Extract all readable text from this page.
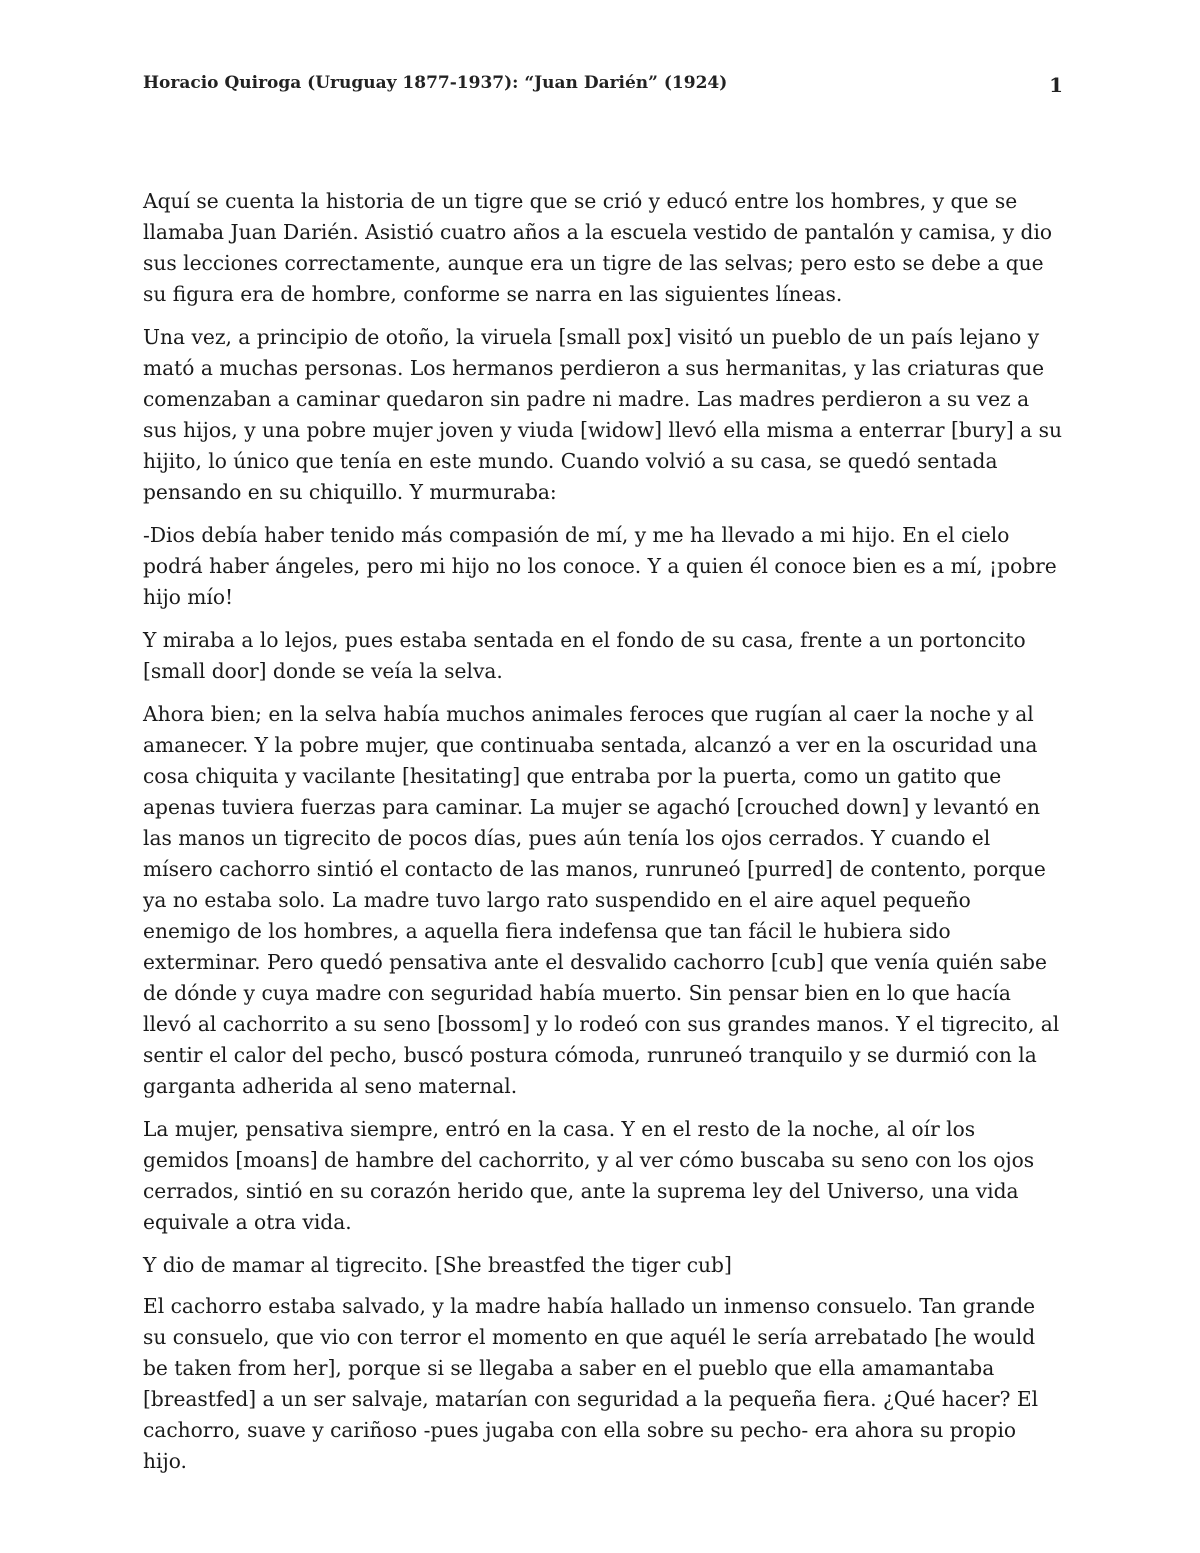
Horacio Quiroga (Uruguay 1877-1937): “Juan Darién” (1924)	1

Aquí se cuenta la historia de un tigre que se crió y educó entre los hombres, y que se llamaba Juan Darién. Asistió cuatro años a la escuela vestido de pantalón y camisa, y dio sus lecciones correctamente, aunque era un tigre de las selvas; pero esto se debe a que su figura era de hombre, conforme se narra en las siguientes líneas.

Una vez, a principio de otoño, la viruela [small pox] visitó un pueblo de un país lejano y mató a muchas personas. Los hermanos perdieron a sus hermanitas, y las criaturas que comenzaban a caminar quedaron sin padre ni madre. Las madres perdieron a su vez a sus hijos, y una pobre mujer joven y viuda [widow] llevó ella misma a enterrar [bury] a su hijito, lo único que tenía en este mundo. Cuando volvió a su casa, se quedó sentada pensando en su chiquillo. Y murmuraba:

-Dios debía haber tenido más compasión de mí, y me ha llevado a mi hijo. En el cielo podrá haber ángeles, pero mi hijo no los conoce. Y a quien él conoce bien es a mí, ¡pobre hijo mío!

Y miraba a lo lejos, pues estaba sentada en el fondo de su casa, frente a un portoncito [small door] donde se veía la selva.

Ahora bien; en la selva había muchos animales feroces que rugían al caer la noche y al amanecer. Y la pobre mujer, que continuaba sentada, alcanzó a ver en la oscuridad una cosa chiquita y vacilante [hesitating] que entraba por la puerta, como un gatito que apenas tuviera fuerzas para caminar. La mujer se agachó [crouched down] y levantó en las manos un tigrecito de pocos días, pues aún tenía los ojos cerrados. Y cuando el mísero cachorro sintió el contacto de las manos, runruneó [purred] de contento, porque ya no estaba solo. La madre tuvo largo rato suspendido en el aire aquel pequeño enemigo de los hombres, a aquella fiera indefensa que tan fácil le hubiera sido exterminar. Pero quedó pensativa ante el desvalido cachorro [cub] que venía quién sabe de dónde y cuya madre con seguridad había muerto. Sin pensar bien en lo que hacía llevó al cachorrito a su seno [bossom] y lo rodeó con sus grandes manos. Y el tigrecito, al sentir el calor del pecho, buscó postura cómoda, runruneó tranquilo y se durmió con la garganta adherida al seno maternal.

La mujer, pensativa siempre, entró en la casa. Y en el resto de la noche, al oír los gemidos [moans] de hambre del cachorrito, y al ver cómo buscaba su seno con los ojos cerrados, sintió en su corazón herido que, ante la suprema ley del Universo, una vida equivale a otra vida.

Y dio de mamar al tigrecito. [She breastfed the tiger cub]

El cachorro estaba salvado, y la madre había hallado un inmenso consuelo. Tan grande su consuelo, que vio con terror el momento en que aquél le sería arrebatado [he would be taken from her], porque si se llegaba a saber en el pueblo que ella amamantaba [breastfed] a un ser salvaje, matarían con seguridad a la pequeña fiera. ¿Qué hacer? El cachorro, suave y cariñoso -pues jugaba con ella sobre su pecho- era ahora su propio hijo.
